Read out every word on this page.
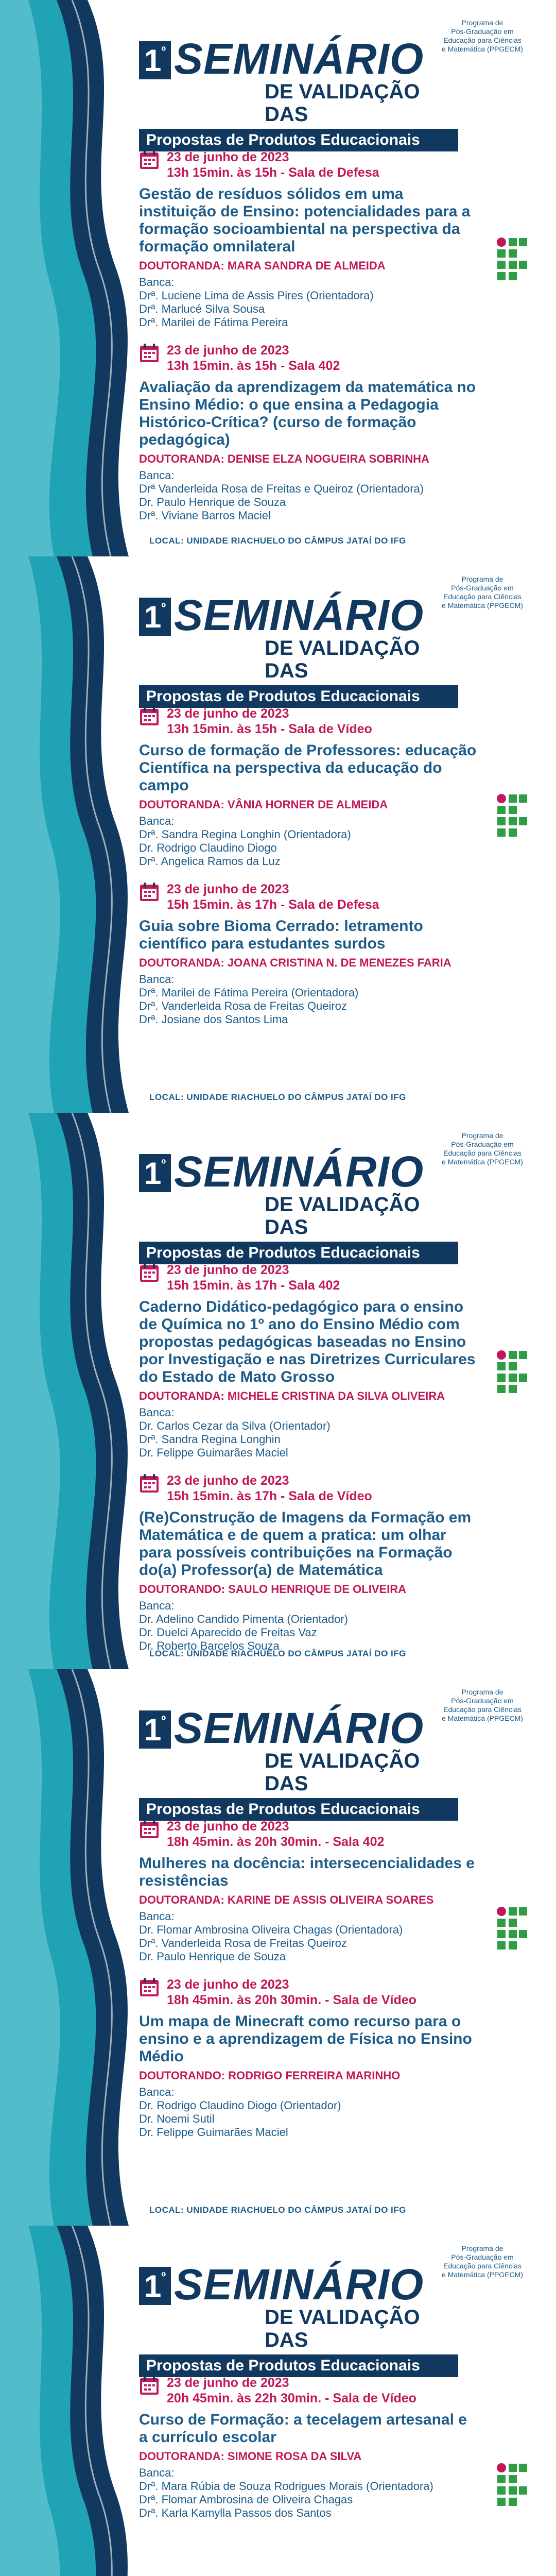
Programa de
Pós-Graduação em
Educação para Ciências
e Matemática (PPGECM)
$1^º$ SEMINÁRIO
DE VALIDAÇÃO DAS
Propostas de Produtos Educacionais
23 de junho de 2023
13h 15min. às 15h - Sala de Defesa
Gestão de resíduos sólidos em uma instituição de Ensino: potencialidades para a formação socioambiental na perspectiva da formação omnilateral
DOUTORANDA: MARA SANDRA DE ALMEIDA
Banca:
Drª. Luciene Lima de Assis Pires (Orientadora)
Drª. Marlucé Silva Sousa
Drª. Marilei de Fátima Pereira
23 de junho de 2023
13h 15min. às 15h - Sala 402
Avaliação da aprendizagem da matemática no Ensino Médio: o que ensina a Pedagogia Histórico-Crítica? (curso de formação pedagógica)
DOUTORANDA: DENISE ELZA NOGUEIRA SOBRINHA
Banca:
Drª Vanderleida Rosa de Freitas e Queiroz (Orientadora)
Dr. Paulo Henrique de Souza
Drª. Viviane Barros Maciel
LOCAL: UNIDADE RIACHUELO DO CÂMPUS JATAÍ DO IFG
Programa de
Pós-Graduação em
Educação para Ciências
e Matemática (PPGECM)
$1^º$ SEMINÁRIO
DE VALIDAÇÃO DAS
Propostas de Produtos Educacionais
23 de junho de 2023
13h 15min. às 15h - Sala de Vídeo
Curso de formação de Professores: educação Científica na perspectiva da educação do campo
DOUTORANDA: VÂNIA HORNER DE ALMEIDA
Banca:
Drª. Sandra Regina Longhin (Orientadora)
Dr. Rodrigo Claudino Diogo
Drª. Angelica Ramos da Luz
23 de junho de 2023
15h 15min. às 17h - Sala de Defesa
Guia sobre Bioma Cerrado: letramento científico para estudantes surdos
DOUTORANDA: JOANA CRISTINA N. DE MENEZES FARIA
Banca:
Drª. Marilei de Fátima Pereira (Orientadora)
Drª. Vanderleida Rosa de Freitas Queiroz
Drª. Josiane dos Santos Lima
LOCAL: UNIDADE RIACHUELO DO CÂMPUS JATAÍ DO IFG
Programa de
Pós-Graduação em
Educação para Ciências
e Matemática (PPGECM)
$1^º$ SEMINÁRIO
DE VALIDAÇÃO DAS
Propostas de Produtos Educacionais
23 de junho de 2023
15h 15min. às 17h - Sala 402
Caderno Didático-pedagógico para o ensino de Química no 1º ano do Ensino Médio com propostas pedagógicas baseadas no Ensino por Investigação e nas Diretrizes Curriculares do Estado de Mato Grosso
DOUTORANDA: MICHELE CRISTINA DA SILVA OLIVEIRA
Banca:
Dr. Carlos Cezar da Silva (Orientador)
Drª. Sandra Regina Longhin
Dr. Felippe Guimarães Maciel
23 de junho de 2023
15h 15min. às 17h - Sala de Vídeo
(Re)Construção de Imagens da Formação em Matemática e de quem a pratica: um olhar para possíveis contribuições na Formação do(a) Professor(a) de Matemática
DOUTORANDO: SAULO HENRIQUE DE OLIVEIRA
Banca:
Dr. Adelino Candido Pimenta (Orientador)
Dr. Duelci Aparecido de Freitas Vaz
Dr. Roberto Barcelos Souza
LOCAL: UNIDADE RIACHUELO DO CÂMPUS JATAÍ DO IFG
Programa de
Pós-Graduação em
Educação para Ciências
e Matemática (PPGECM)
$1^º$ SEMINÁRIO
DE VALIDAÇÃO DAS
Propostas de Produtos Educacionais
23 de junho de 2023
18h 45min. às 20h 30min. - Sala 402
Mulheres na docência: intersecencialidades e resistências
DOUTORANDA: KARINE DE ASSIS OLIVEIRA SOARES
Banca:
Dr. Flomar Ambrosina Oliveira Chagas (Orientadora)
Drª. Vanderleida Rosa de Freitas Queiroz
Dr. Paulo Henrique de Souza
23 de junho de 2023
18h 45min. às 20h 30min. - Sala de Vídeo
Um mapa de Minecraft como recurso para o ensino e a aprendizagem de Física no Ensino Médio
DOUTORANDO: RODRIGO FERREIRA MARINHO
Banca:
Dr. Rodrigo Claudino Diogo (Orientador)
Dr. Noemi Sutil
Dr. Felippe Guimarães Maciel
LOCAL: UNIDADE RIACHUELO DO CÂMPUS JATAÍ DO IFG
Programa de
Pós-Graduação em
Educação para Ciências
e Matemática (PPGECM)
$1^º$ SEMINÁRIO
DE VALIDAÇÃO DAS
Propostas de Produtos Educacionais
23 de junho de 2023
20h 45min. às 22h 30min. - Sala de Vídeo
Curso de Formação: a tecelagem artesanal e a currículo escolar
DOUTORANDA: SIMONE ROSA DA SILVA
Banca:
Drª. Mara Rúbia de Souza Rodrigues Morais (Orientadora)
Drª. Flomar Ambrosina de Oliveira Chagas
Drª. Karla Kamylla Passos dos Santos
